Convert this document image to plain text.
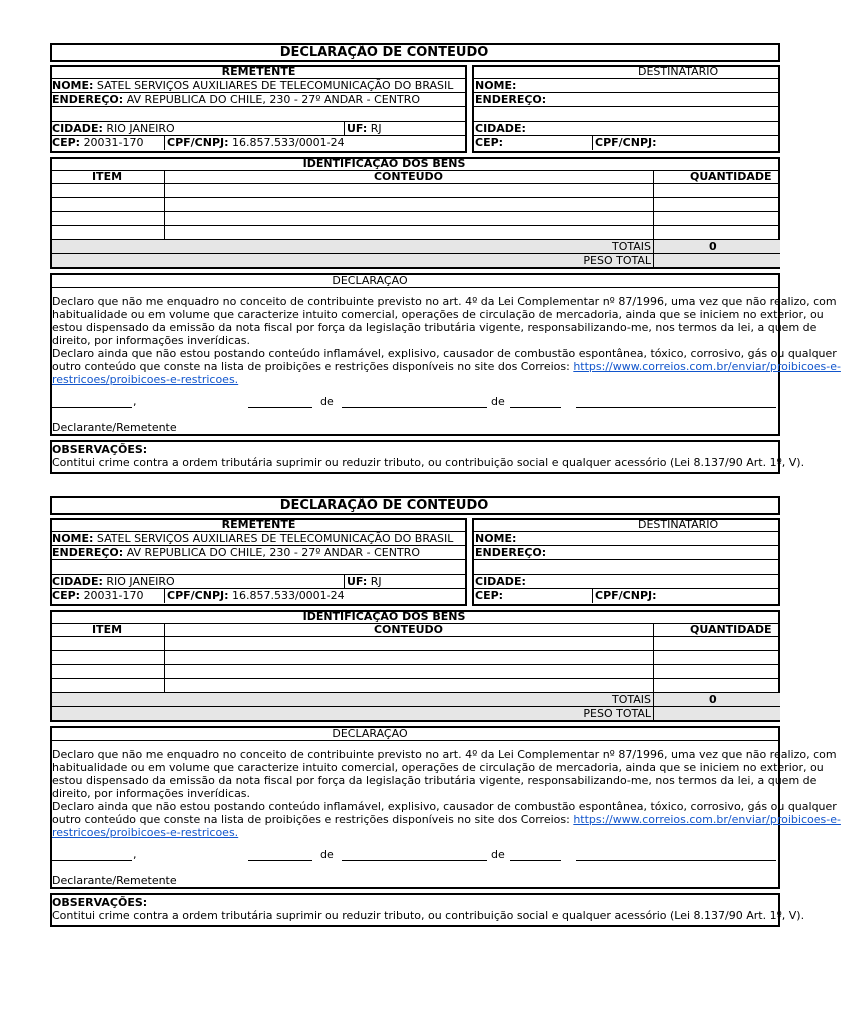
DECLARAÇÃO DE CONTEÚDO
REMETENTE
NOME: SATEL SERVIÇOS AUXILIARES DE TELECOMUNICAÇÃO DO BRASIL
ENDEREÇO: AV REPUBLICA DO CHILE, 230 - 27º ANDAR - CENTRO
CIDADE: RIO JANEIRO	UF: RJ
CEP: 20031-170 CPF/CNPJ: 16.857.533/0001-24
DESTINATÁRIO
NOME:
ENDEREÇO:
CIDADE:
CEP:	CPF/CNPJ:
IDENTIFICAÇÃO DOS BENS
ITEM	CONTEÚDO	QUANTIDADE
TOTAIS	0
PESO TOTAL
DECLARAÇÃO
Declaro que não me enquadro no conceito de contribuinte previsto no art. 4º da Lei Complementar nº 87/1996, uma vez que não realizo, com
habitualidade ou em volume que caracterize intuito comercial, operações de circulação de mercadoria, ainda que se iniciem no exterior, ou
estou dispensado da emissão da nota fiscal por força da legislação tributária vigente, responsabilizando-me, nos termos da lei, a quem de
direito, por informações inverídicas.
Declaro ainda que não estou postando conteúdo inflamável, explisivo, causador de combustão espontânea, tóxico, corrosivo, gás ou qualquer
outro conteúdo que conste na lista de proibições e restrições disponíveis no site dos Correios: https://www.correios.com.br/enviar/proibicoes-e-
restricoes/proibicoes-e-restricoes.
,	de	de
Declarante/Remetente
OBSERVAÇÕES:
Contitui crime contra a ordem tributária suprimir ou reduzir tributo, ou contribuição social e qualquer acessório (Lei 8.137/90 Art. 1º, V).
DECLARAÇÃO DE CONTEÚDO
REMETENTE
NOME: SATEL SERVIÇOS AUXILIARES DE TELECOMUNICAÇÃO DO BRASIL
ENDEREÇO: AV REPUBLICA DO CHILE, 230 - 27º ANDAR - CENTRO
CIDADE: RIO JANEIRO	UF: RJ
CEP: 20031-170 CPF/CNPJ: 16.857.533/0001-24
DESTINATÁRIO
NOME:
ENDEREÇO:
CIDADE:
CEP:	CPF/CNPJ:
IDENTIFICAÇÃO DOS BENS
ITEM	CONTEÚDO	QUANTIDADE
TOTAIS	0
PESO TOTAL
DECLARAÇÃO
Declaro que não me enquadro no conceito de contribuinte previsto no art. 4º da Lei Complementar nº 87/1996, uma vez que não realizo, com
habitualidade ou em volume que caracterize intuito comercial, operações de circulação de mercadoria, ainda que se iniciem no exterior, ou
estou dispensado da emissão da nota fiscal por força da legislação tributária vigente, responsabilizando-me, nos termos da lei, a quem de
direito, por informações inverídicas.
Declaro ainda que não estou postando conteúdo inflamável, explisivo, causador de combustão espontânea, tóxico, corrosivo, gás ou qualquer
outro conteúdo que conste na lista de proibições e restrições disponíveis no site dos Correios: https://www.correios.com.br/enviar/proibicoes-e-
restricoes/proibicoes-e-restricoes.
,	de	de
Declarante/Remetente
OBSERVAÇÕES:
Contitui crime contra a ordem tributária suprimir ou reduzir tributo, ou contribuição social e qualquer acessório (Lei 8.137/90 Art. 1º, V).
